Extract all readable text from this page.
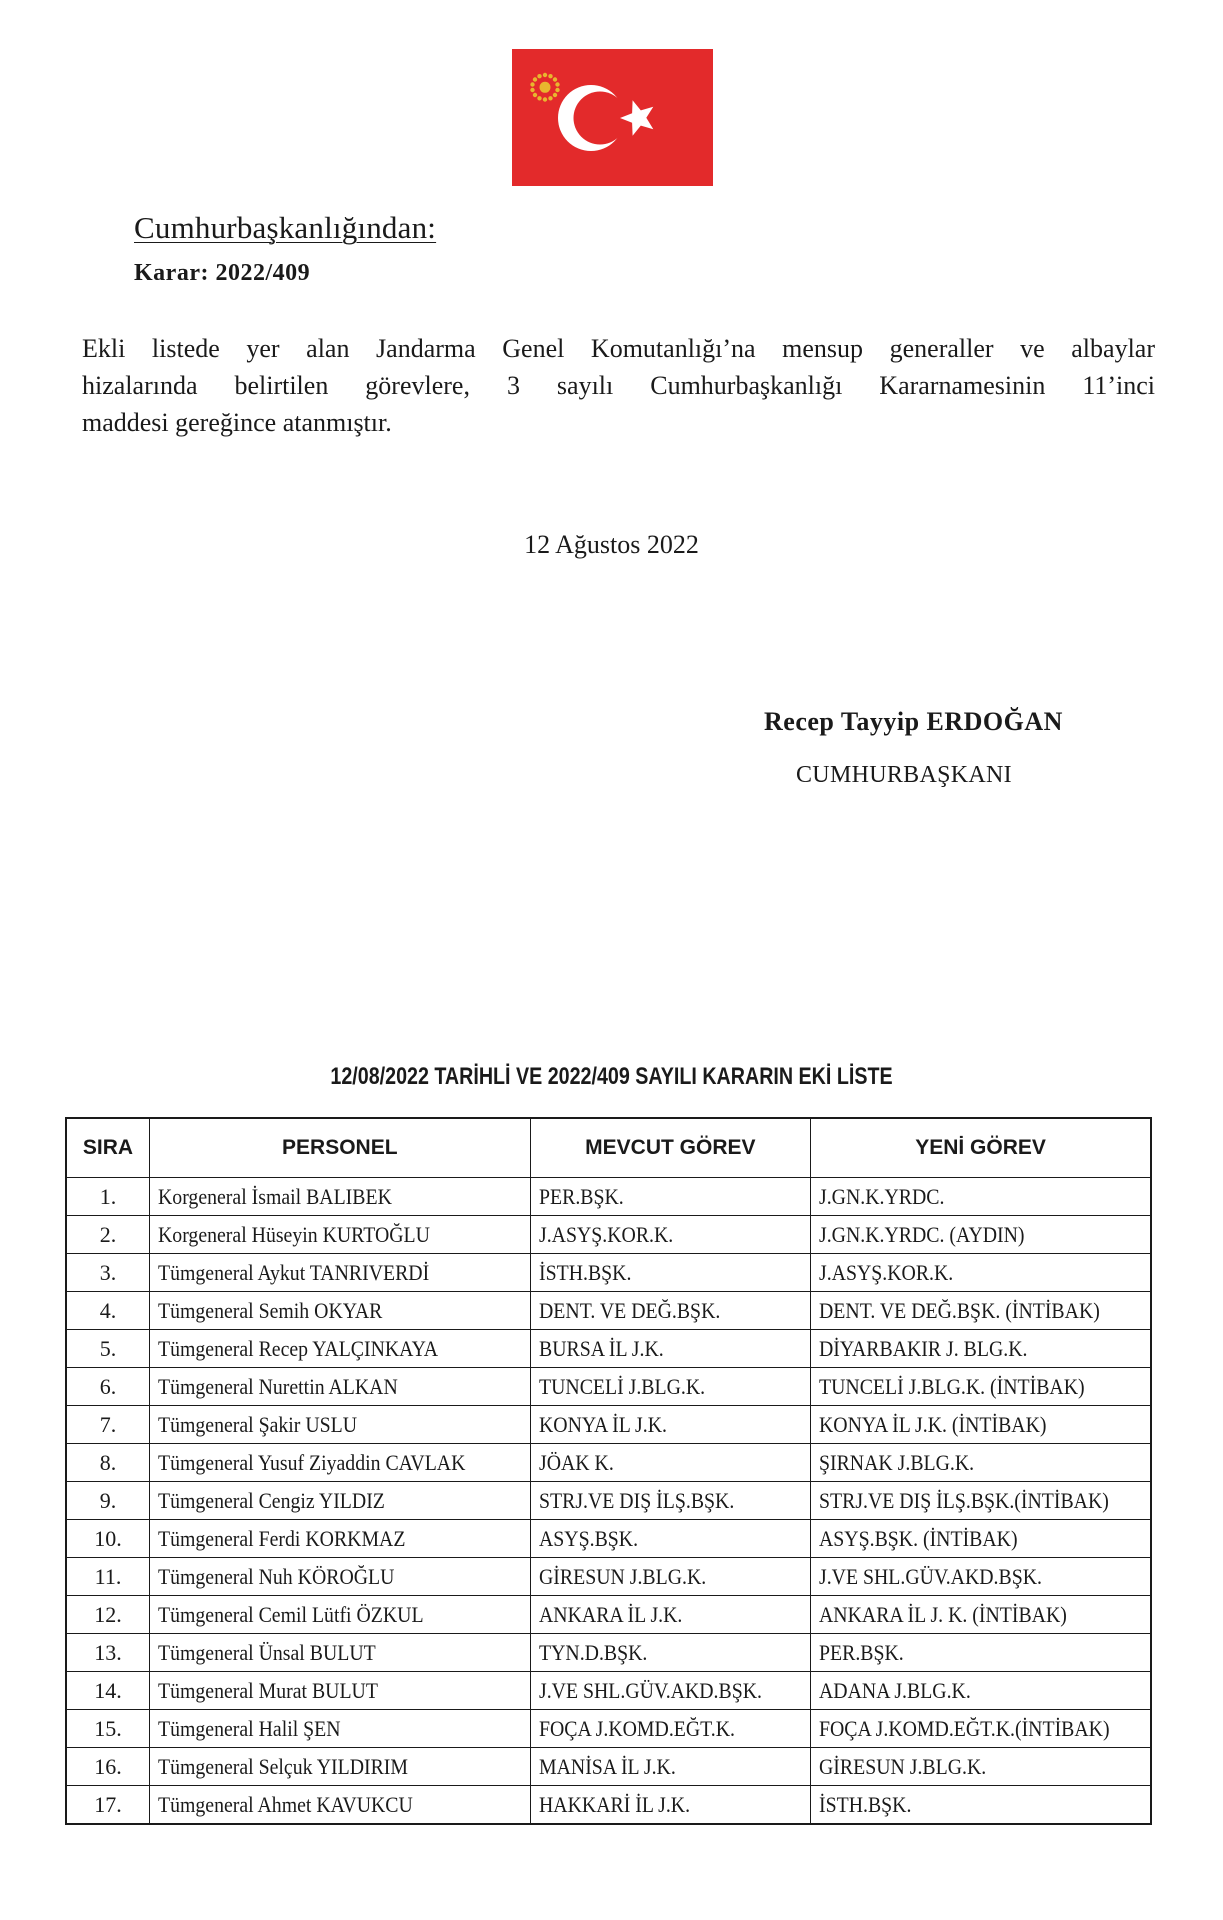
Cumhurbaşkanlığından:
Karar: 2022/409
Ekli listede yer alan Jandarma Genel Komutanlığı’na mensup generaller ve albaylar
hizalarında belirtilen görevlere, 3 sayılı Cumhurbaşkanlığı Kararnamesinin 11’inci
maddesi gereğince atanmıştır.
12 Ağustos 2022
Recep Tayyip ERDOĞAN
CUMHURBAŞKANI
12/08/2022 TARİHLİ VE 2022/409 SAYILI KARARIN EKİ LİSTE
SIRA	PERSONEL	MEVCUT GÖREV	YENİ GÖREV
1.	Korgeneral İsmail BALIBEK	PER.BŞK.	J.GN.K.YRDC.
2.	Korgeneral Hüseyin KURTOĞLU	J.ASYŞ.KOR.K.	J.GN.K.YRDC. (AYDIN)
3.	Tümgeneral Aykut TANRIVERDİ	İSTH.BŞK.	J.ASYŞ.KOR.K.
4.	Tümgeneral Semih OKYAR	DENT. VE DEĞ.BŞK.	DENT. VE DEĞ.BŞK. (İNTİBAK)
5.	Tümgeneral Recep YALÇINKAYA	BURSA İL J.K.	DİYARBAKIR J. BLG.K.
6.	Tümgeneral Nurettin ALKAN	TUNCELİ J.BLG.K.	TUNCELİ J.BLG.K. (İNTİBAK)
7.	Tümgeneral Şakir USLU	KONYA İL J.K.	KONYA İL J.K. (İNTİBAK)
8.	Tümgeneral Yusuf Ziyaddin CAVLAK	JÖAK K.	ŞIRNAK J.BLG.K.
9.	Tümgeneral Cengiz YILDIZ	STRJ.VE DIŞ İLŞ.BŞK.	STRJ.VE DIŞ İLŞ.BŞK.(İNTİBAK)
10.	Tümgeneral Ferdi KORKMAZ	ASYŞ.BŞK.	ASYŞ.BŞK. (İNTİBAK)
11.	Tümgeneral Nuh KÖROĞLU	GİRESUN J.BLG.K.	J.VE SHL.GÜV.AKD.BŞK.
12.	Tümgeneral Cemil Lütfi ÖZKUL	ANKARA İL J.K.	ANKARA İL J. K. (İNTİBAK)
13.	Tümgeneral Ünsal BULUT	TYN.D.BŞK.	PER.BŞK.
14.	Tümgeneral Murat BULUT	J.VE SHL.GÜV.AKD.BŞK.	ADANA J.BLG.K.
15.	Tümgeneral Halil ŞEN	FOÇA J.KOMD.EĞT.K.	FOÇA J.KOMD.EĞT.K.(İNTİBAK)
16.	Tümgeneral Selçuk YILDIRIM	MANİSA İL J.K.	GİRESUN J.BLG.K.
17.	Tümgeneral Ahmet KAVUKCU	HAKKARİ İL J.K.	İSTH.BŞK.
